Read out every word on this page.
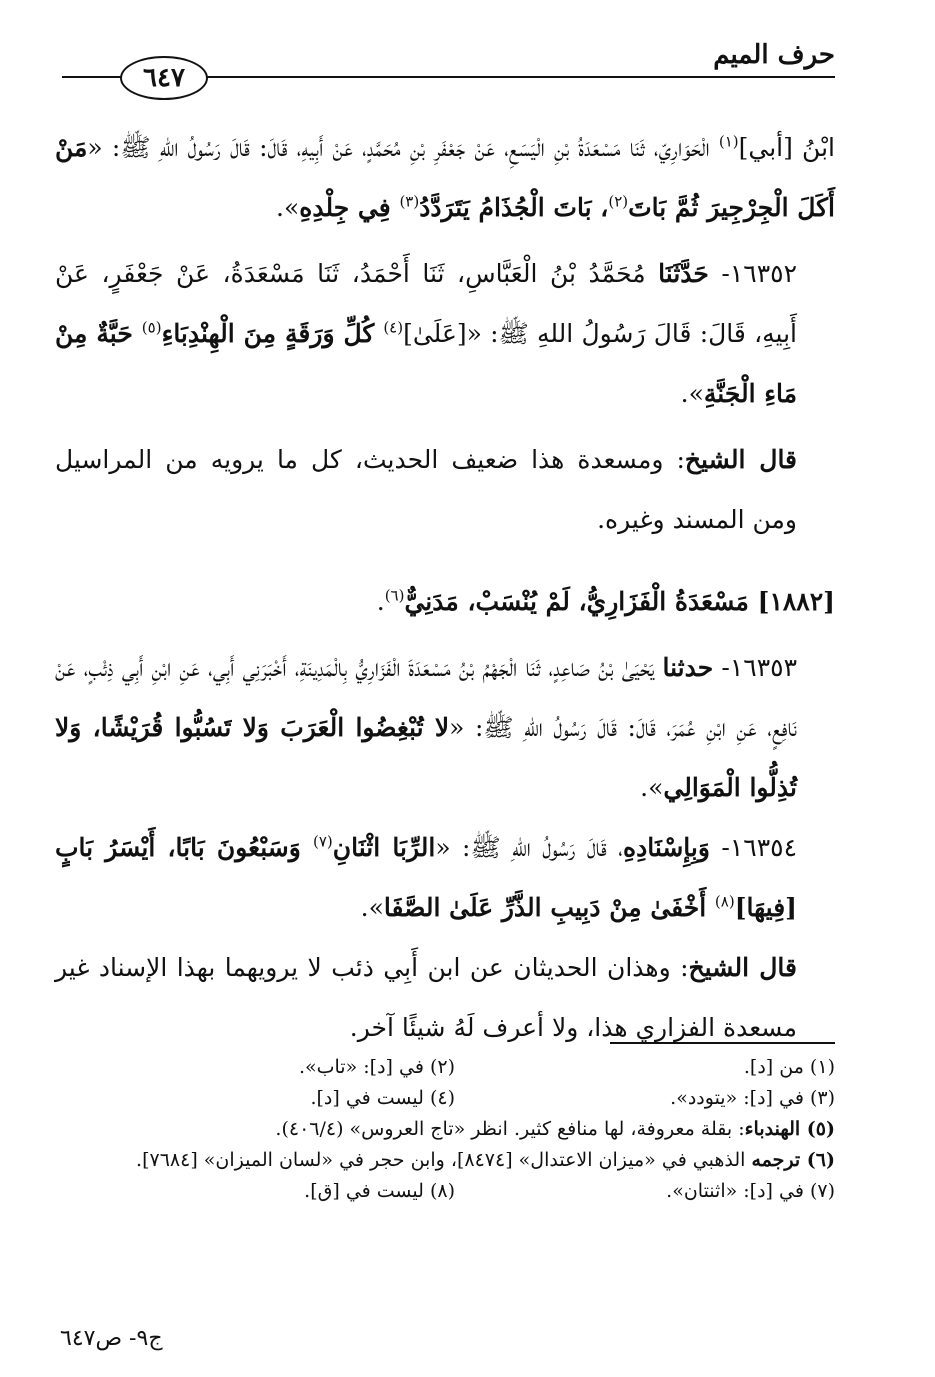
حرف الميم
٦٤٧

ابْنُ [أبي]$^{(١)}$ الْحَوَارِيّ، ثَنَا مَسْعَدَةُ بْنِ الْيَسَعِ، عَنْ جَعْفَرِ بْنِ مُحَمَّدٍ، عَنْ أَبِيهِ، قَالَ: قَالَ رَسُولُ اللهِ ﷺ: «مَنْ أَكَلَ الْجِرْجِيرَ ثُمَّ بَاتَ$^{(٢)}$، بَاتَ الْجُذَامُ يَتَرَدَّدُ$^{(٣)}$ فِي جِلْدِهِ».

١٦٣٥٢- حَدَّثَنَا مُحَمَّدُ بْنُ الْعَبَّاسِ، ثَنَا أَحْمَدُ، ثَنَا مَسْعَدَةُ، عَنْ جَعْفَرٍ، عَنْ أَبِيهِ، قَالَ: قَالَ رَسُولُ اللهِ ﷺ: «[عَلَىٰ]$^{(٤)}$ كُلِّ وَرَقَةٍ مِنَ الْهِنْدِبَاءِ$^{(٥)}$ حَبَّةٌ مِنْ مَاءِ الْجَنَّةِ».

قال الشيخ: ومسعدة هذا ضعيف الحديث، كل ما يرويه من المراسيل ومن المسند وغيره.

[١٨٨٢] مَسْعَدَةُ الْفَزَارِيُّ، لَمْ يُنْسَبْ، مَدَنِيٌّ$^{(٦)}$.

١٦٣٥٣- حدثنا يَحْيَىٰ بْنُ صَاعِدٍ، ثَنَا الْجَهْمُ بْنُ مَسْعَدَةَ الْفَزَارِيُّ بِالْمَدِينَةِ، أَخْبَرَنِي أَبِي، عَنِ ابْنِ أَبِي ذِئْبٍ، عَنْ نَافِعٍ، عَنِ ابْنِ عُمَرَ، قَالَ: قَالَ رَسُولُ اللهِ ﷺ: «لا تُبْغِضُوا الْعَرَبَ وَلا تَسُبُّوا قُرَيْشًا، وَلا تُذِلُّوا الْمَوَالِي».

١٦٣٥٤- وَبِإِسْنَادِهِ، قَالَ رَسُولُ اللهِ ﷺ: «الرِّبَا اثْنَانِ$^{(٧)}$ وَسَبْعُونَ بَابًا، أَيْسَرُ بَابٍ [فِيهَا]$^{(٨)}$ أَخْفَىٰ مِنْ دَبِيبِ الذَّرِّ عَلَىٰ الصَّفَا».

قال الشيخ: وهذان الحديثان عن ابن أَبِي ذئب لا يرويهما بهذا الإسناد غير مسعدة الفزاري هذا، ولا أعرف لَهُ شيئًا آخر.

(١) من [د].
(٢) في [د]: «تاب».
(٣) في [د]: «يتودد».
(٤) ليست في [د].
(٥) الهندباء: بقلة معروفة، لها منافع كثير. انظر «تاج العروس» (٤٠٦/٤).
(٦) ترجمه الذهبي في «ميزان الاعتدال» [٨٤٧٤]، وابن حجر في «لسان الميزان» [٧٦٨٤].
(٧) في [د]: «اثنتان».
(٨) ليست في [ق].
ج٩- ص٦٤٧
